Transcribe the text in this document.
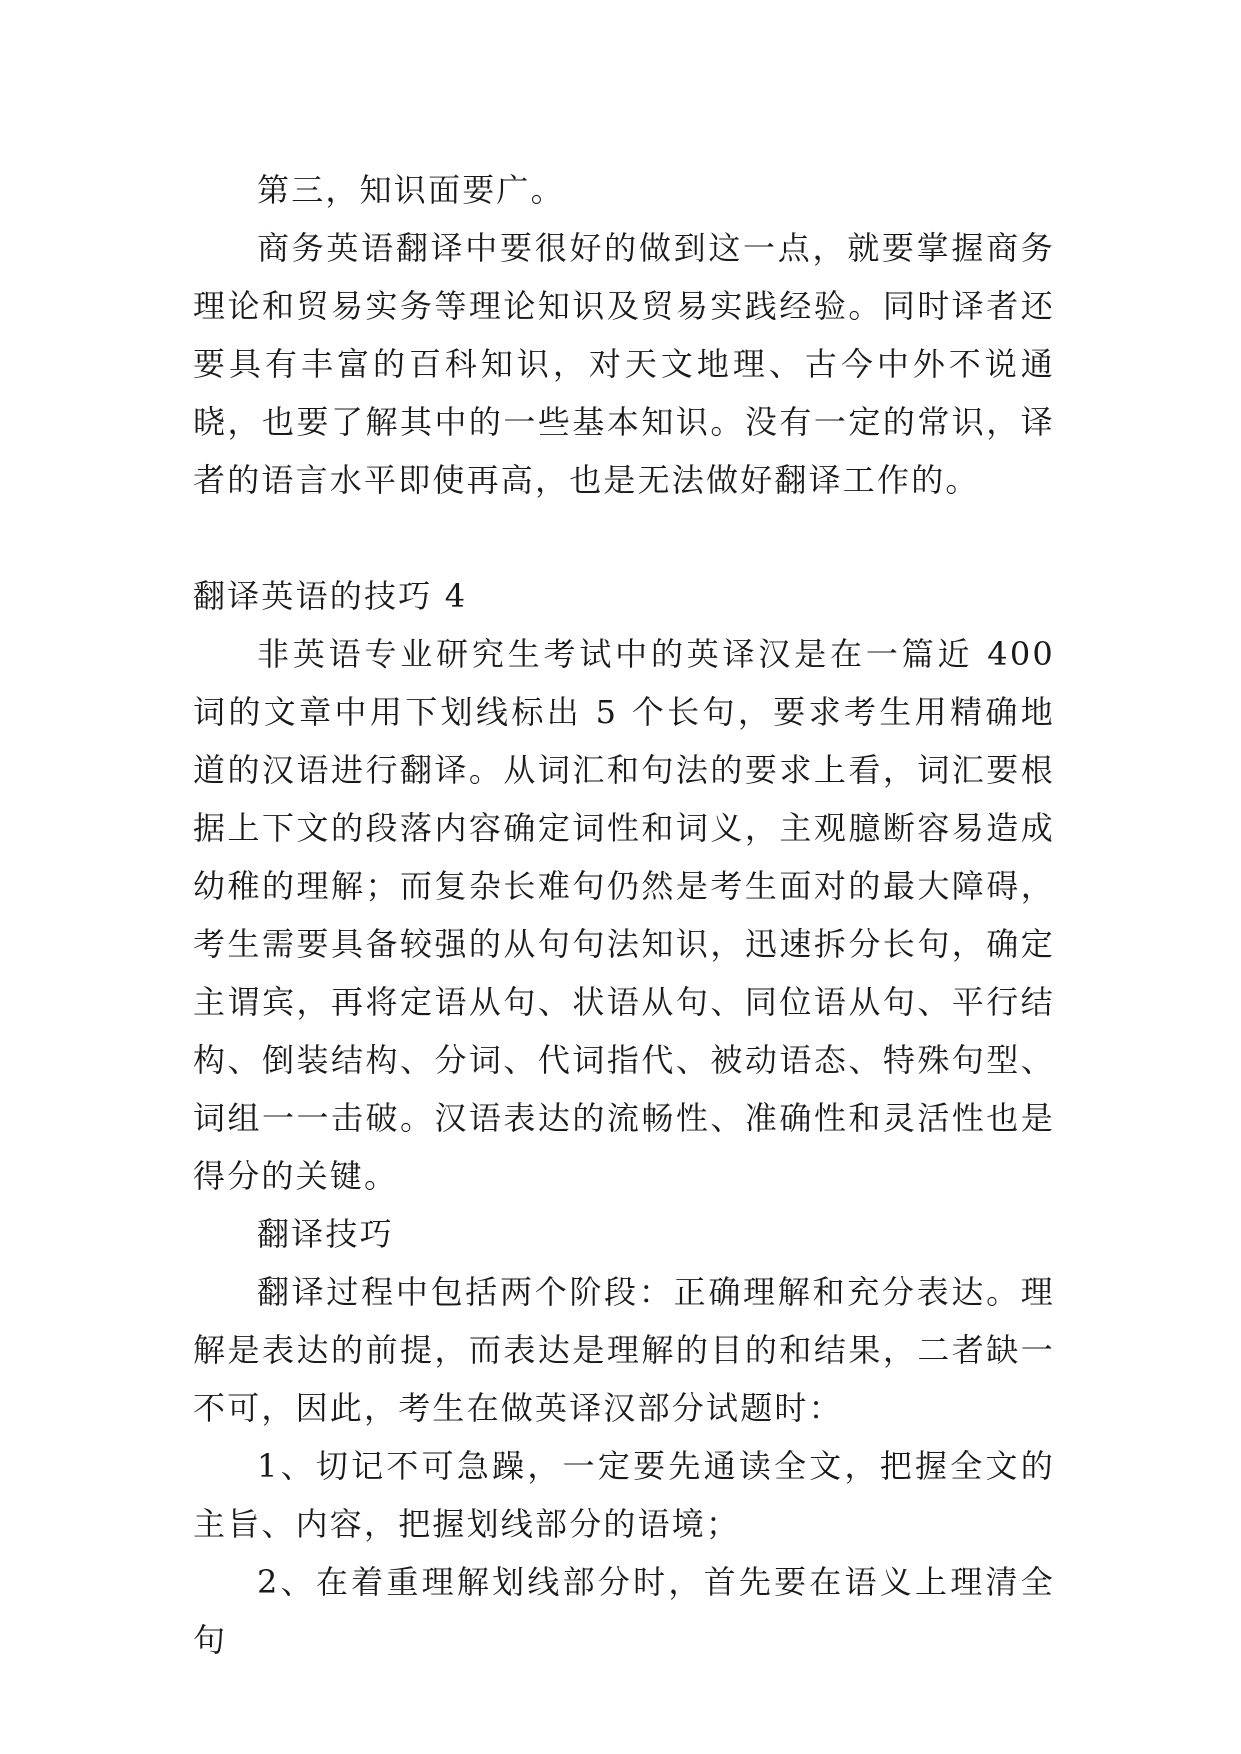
第三，知识面要广。

商务英语翻译中要很好的做到这一点，就要掌握商务理论和贸易实务等理论知识及贸易实践经验。同时译者还要具有丰富的百科知识，对天文地理、古今中外不说通晓，也要了解其中的一些基本知识。没有一定的常识，译者的语言水平即使再高，也是无法做好翻译工作的。

翻译英语的技巧 4

非英语专业研究生考试中的英译汉是在一篇近 400 词的文章中用下划线标出 5 个长句，要求考生用精确地道的汉语进行翻译。从词汇和句法的要求上看，词汇要根据上下文的段落内容确定词性和词义，主观臆断容易造成幼稚的理解；而复杂长难句仍然是考生面对的最大障碍，考生需要具备较强的从句句法知识，迅速拆分长句，确定主谓宾，再将定语从句、状语从句、同位语从句、平行结构、倒装结构、分词、代词指代、被动语态、特殊句型、词组一一击破。汉语表达的流畅性、准确性和灵活性也是得分的关键。

翻译技巧

翻译过程中包括两个阶段：正确理解和充分表达。理解是表达的前提，而表达是理解的目的和结果，二者缺一不可，因此，考生在做英译汉部分试题时：

1、切记不可急躁，一定要先通读全文，把握全文的主旨、内容，把握划线部分的语境；

2、在着重理解划线部分时，首先要在语义上理清全句
